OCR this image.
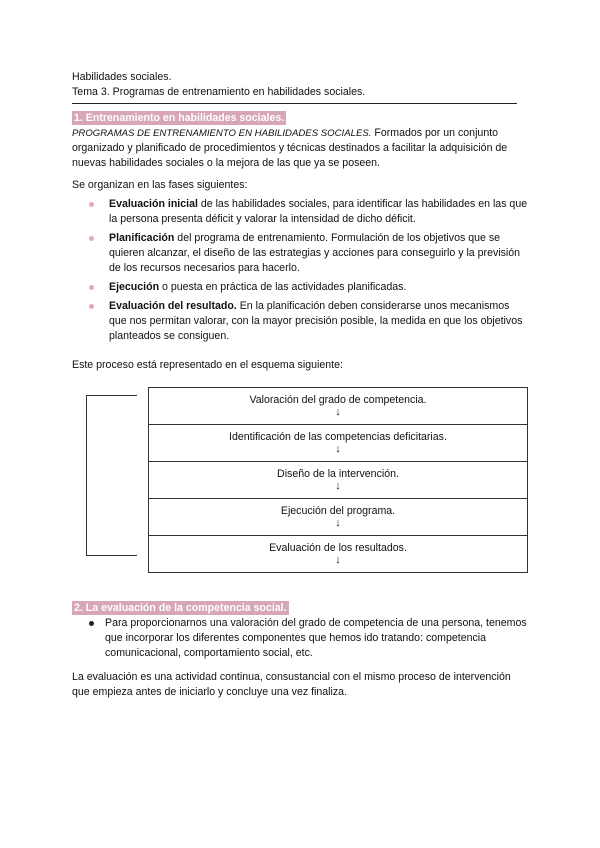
Habilidades sociales.
Tema 3. Programas de entrenamiento en habilidades sociales.
1. Entrenamiento en habilidades sociales.

PROGRAMAS DE ENTRENAMIENTO EN HABILIDADES SOCIALES. Formados por un conjunto organizado y planificado de procedimientos y técnicas destinados a facilitar la adquisición de nuevas habilidades sociales o la mejora de las que ya se poseen.

Se organizan en las fases siguientes:

Evaluación inicial de las habilidades sociales, para identificar las habilidades en las que la persona presenta déficit y valorar la intensidad de dicho déficit.
Planificación del programa de entrenamiento. Formulación de los objetivos que se quieren alcanzar, el diseño de las estrategias y acciones para conseguirlo y la previsión de los recursos necesarios para hacerlo.
Ejecución o puesta en práctica de las actividades planificadas.
Evaluación del resultado. En la planificación deben considerarse unos mecanismos que nos permitan valorar, con la mayor precisión posible, la medida en que los objetivos planteados se consiguen.

Este proceso está representado en el esquema siguiente:

Valoración del grado de competencia.
↓
Identificación de las competencias deficitarias.
↓
Diseño de la intervención.
↓
Ejecución del programa.
↓
Evaluación de los resultados.
↓
2. La evaluación de la competencia social.
Para proporcionarnos una valoración del grado de competencia de una persona, tenemos que incorporar los diferentes componentes que hemos ido tratando: competencia comunicacional, comportamiento social, etc.

La evaluación es una actividad continua, consustancial con el mismo proceso de intervención que empieza antes de iniciarlo y concluye una vez finaliza.
